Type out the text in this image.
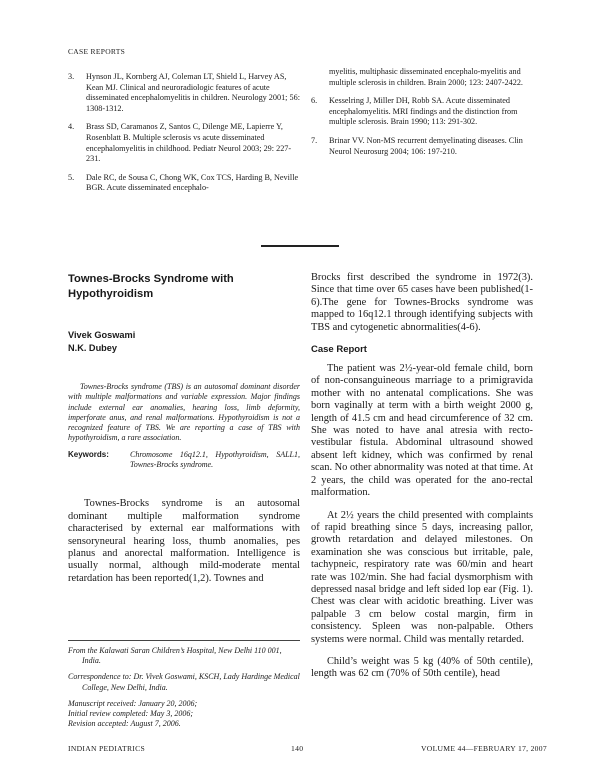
CASE REPORTS
3. Hynson JL, Kornberg AJ, Coleman LT, Shield L, Harvey AS, Kean MJ. Clinical and neuroradiologic features of acute disseminated encephalomyelitis in children. Neurology 2001; 56: 1308-1312.
4. Brass SD, Caramanos Z, Santos C, Dilenge ME, Lapierre Y, Rosenblatt B. Multiple sclerosis vs acute disseminated encephalomyelitis in childhood. Pediatr Neurol 2003; 29: 227-231.
5. Dale RC, de Sousa C, Chong WK, Cox TCS, Harding B, Neville BGR. Acute disseminated encephalo-
myelitis, multiphasic disseminated encephalo-myelitis and multiple sclerosis in children. Brain 2000; 123: 2407-2422.
6. Kesselring J, Miller DH, Robb SA. Acute disseminated encephalomyelitis. MRI findings and the distinction from multiple sclerosis. Brain 1990; 113: 291-302.
7. Brinar VV. Non-MS recurrent demyelinating diseases. Clin Neurol Neurosurg 2004; 106: 197-210.
Townes-Brocks Syndrome with Hypothyroidism
Vivek Goswami
N.K. Dubey

Townes-Brocks syndrome (TBS) is an autosomal dominant disorder with multiple malformations and variable expression. Major findings include external ear anomalies, hearing loss, limb deformity, imperforate anus, and renal malformations. Hypothyroidism is not a recognized feature of TBS. We are reporting a case of TBS with hypothyroidism, a rare association.

Keywords:	Chromosome 16q12.1, Hypothyroidism, SALL1, Townes-Brocks syndrome.

Townes-Brocks syndrome is an autosomal dominant multiple malformation syndrome characterised by external ear malformations with sensoryneural hearing loss, thumb anomalies, pes planus and anorectal malformation. Intelligence is usually normal, although mild-moderate mental retardation has been reported(1,2). Townes and

Brocks first described the syndrome in 1972(3). Since that time over 65 cases have been published(1-6).The gene for Townes-Brocks syndrome was mapped to 16q12.1 through identifying subjects with TBS and cytogenetic abnormalities(4-6).

Case Report

The patient was 2½-year-old female child, born of non-consanguineous marriage to a primigravida mother with no antenatal complications. She was born vaginally at term with a birth weight 2000 g, length of 41.5 cm and head circumference of 32 cm. She was noted to have anal atresia with recto-vestibular fistula. Abdominal ultrasound showed absent left kidney, which was confirmed by renal scan. No other abnormality was noted at that time. At 2 years, the child was operated for the ano-rectal malformation.

At 2½ years the child presented with complaints of rapid breathing since 5 days, increasing pallor, growth retardation and delayed milestones. On examination she was conscious but irritable, pale, tachypneic, respiratory rate was 60/min and heart rate was 102/min. She had facial dysmorphism with depressed nasal bridge and left sided lop ear (Fig. 1). Chest was clear with acidotic breathing. Liver was palpable 3 cm below costal margin, firm in consistency. Spleen was non-palpable. Others systems were normal. Child was mentally retarded.

Child’s weight was 5 kg (40% of 50th centile), length was 62 cm (70% of 50th centile), head

From the Kalawati Saran Children’s Hospital, New Delhi 110 001, India.

Correspondence to: Dr. Vivek Goswami, KSCH, Lady Hardinge Medical College, New Delhi, India.

Manuscript received: January 20, 2006;

Initial review completed: May 3, 2006;

Revision accepted: August 7, 2006.

INDIAN PEDIATRICS	140	VOLUME 44—FEBRUARY 17, 2007
